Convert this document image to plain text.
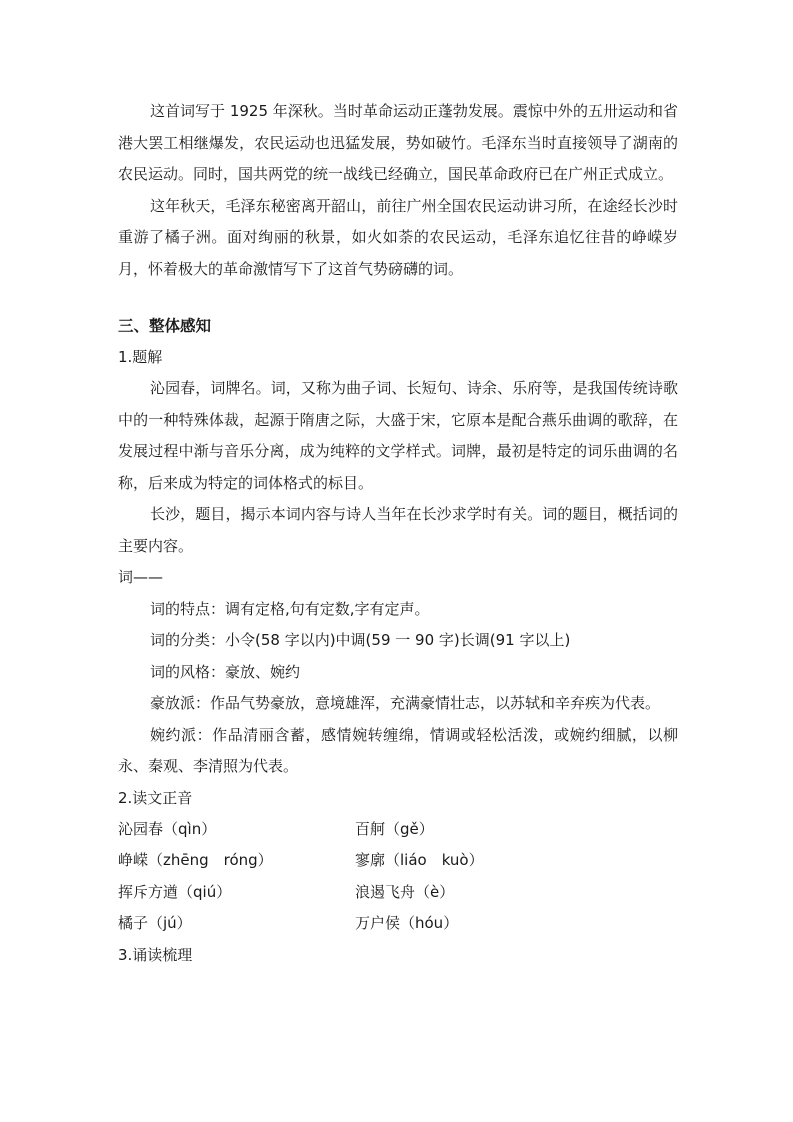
这首词写于 1925 年深秋。当时革命运动正蓬勃发展。震惊中外的五卅运动和省港大罢工相继爆发，农民运动也迅猛发展，势如破竹。毛泽东当时直接领导了湖南的农民运动。同时，国共两党的统一战线已经确立，国民革命政府已在广州正式成立。

这年秋天，毛泽东秘密离开韶山，前往广州全国农民运动讲习所，在途经长沙时重游了橘子洲。面对绚丽的秋景，如火如荼的农民运动，毛泽东追忆往昔的峥嵘岁月，怀着极大的革命激情写下了这首气势磅礴的词。

三、整体感知

1.题解

沁园春，词牌名。词，又称为曲子词、长短句、诗余、乐府等，是我国传统诗歌中的一种特殊体裁，起源于隋唐之际，大盛于宋，它原本是配合燕乐曲调的歌辞，在发展过程中渐与音乐分离，成为纯粹的文学样式。词牌，最初是特定的词乐曲调的名称，后来成为特定的词体格式的标目。

长沙，题目，揭示本词内容与诗人当年在长沙求学时有关。词的题目，概括词的主要内容。

词——

词的特点：调有定格,句有定数,字有定声。

词的分类：小令(58 字以内)中调(59 一 90 字)长调(91 字以上)

词的风格：豪放、婉约

豪放派：作品气势豪放，意境雄浑，充满豪情壮志，以苏轼和辛弃疾为代表。

婉约派：作品清丽含蓄，感情婉转缠绵，情调或轻松活泼，或婉约细腻，以柳永、秦观、李清照为代表。

2.读文正音

沁园春（qìn）	百舸（gě）
峥嵘（zhēng　róng）	寥廓（liáo　kuò）
挥斥方遒（qiú）	浪遏飞舟（è）
橘子（jú）	万户侯（hóu）

3.诵读梳理
